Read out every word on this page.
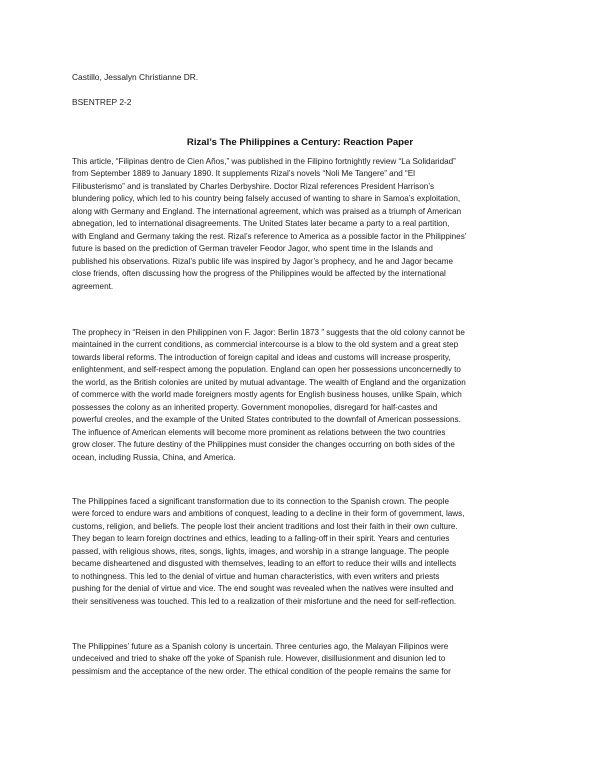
Castillo, Jessalyn Christianne DR.
BSENTREP 2-2
Rizal’s The Philippines a Century: Reaction Paper

This article, “Filipinas dentro de Cien Años,” was published in the Filipino fortnightly review “La Solidaridad”
from September 1889 to January 1890. It supplements Rizal’s novels “Noli Me Tangere” and “El
Filibusterismo” and is translated by Charles Derbyshire. Doctor Rizal references President Harrison’s
blundering policy, which led to his country being falsely accused of wanting to share in Samoa’s exploitation,
along with Germany and England. The international agreement, which was praised as a triumph of American
abnegation, led to international disagreements. The United States later became a party to a real partition,
with England and Germany taking the rest. Rizal’s reference to America as a possible factor in the Philippines’
future is based on the prediction of German traveler Feodor Jagor, who spent time in the Islands and
published his observations. Rizal’s public life was inspired by Jagor’s prophecy, and he and Jagor became
close friends, often discussing how the progress of the Philippines would be affected by the international
agreement.

The prophecy in “Reisen in den Philippinen von F. Jagor: Berlin 1873 ” suggests that the old colony cannot be
maintained in the current conditions, as commercial intercourse is a blow to the old system and a great step
towards liberal reforms. The introduction of foreign capital and ideas and customs will increase prosperity,
enlightenment, and self-respect among the population. England can open her possessions unconcernedly to
the world, as the British colonies are united by mutual advantage. The wealth of England and the organization
of commerce with the world made foreigners mostly agents for English business houses, unlike Spain, which
possesses the colony as an inherited property. Government monopolies, disregard for half-castes and
powerful creoles, and the example of the United States contributed to the downfall of American possessions.
The influence of American elements will become more prominent as relations between the two countries
grow closer. The future destiny of the Philippines must consider the changes occurring on both sides of the
ocean, including Russia, China, and America.

The Philippines faced a significant transformation due to its connection to the Spanish crown. The people
were forced to endure wars and ambitions of conquest, leading to a decline in their form of government, laws,
customs, religion, and beliefs. The people lost their ancient traditions and lost their faith in their own culture.
They began to learn foreign doctrines and ethics, leading to a falling-off in their spirit. Years and centuries
passed, with religious shows, rites, songs, lights, images, and worship in a strange language. The people
became disheartened and disgusted with themselves, leading to an effort to reduce their wills and intellects
to nothingness. This led to the denial of virtue and human characteristics, with even writers and priests
pushing for the denial of virtue and vice. The end sought was revealed when the natives were insulted and
their sensitiveness was touched. This led to a realization of their misfortune and the need for self-reflection.

The Philippines’ future as a Spanish colony is uncertain. Three centuries ago, the Malayan Filipinos were
undeceived and tried to shake off the yoke of Spanish rule. However, disillusionment and disunion led to
pessimism and the acceptance of the new order. The ethical condition of the people remains the same for
